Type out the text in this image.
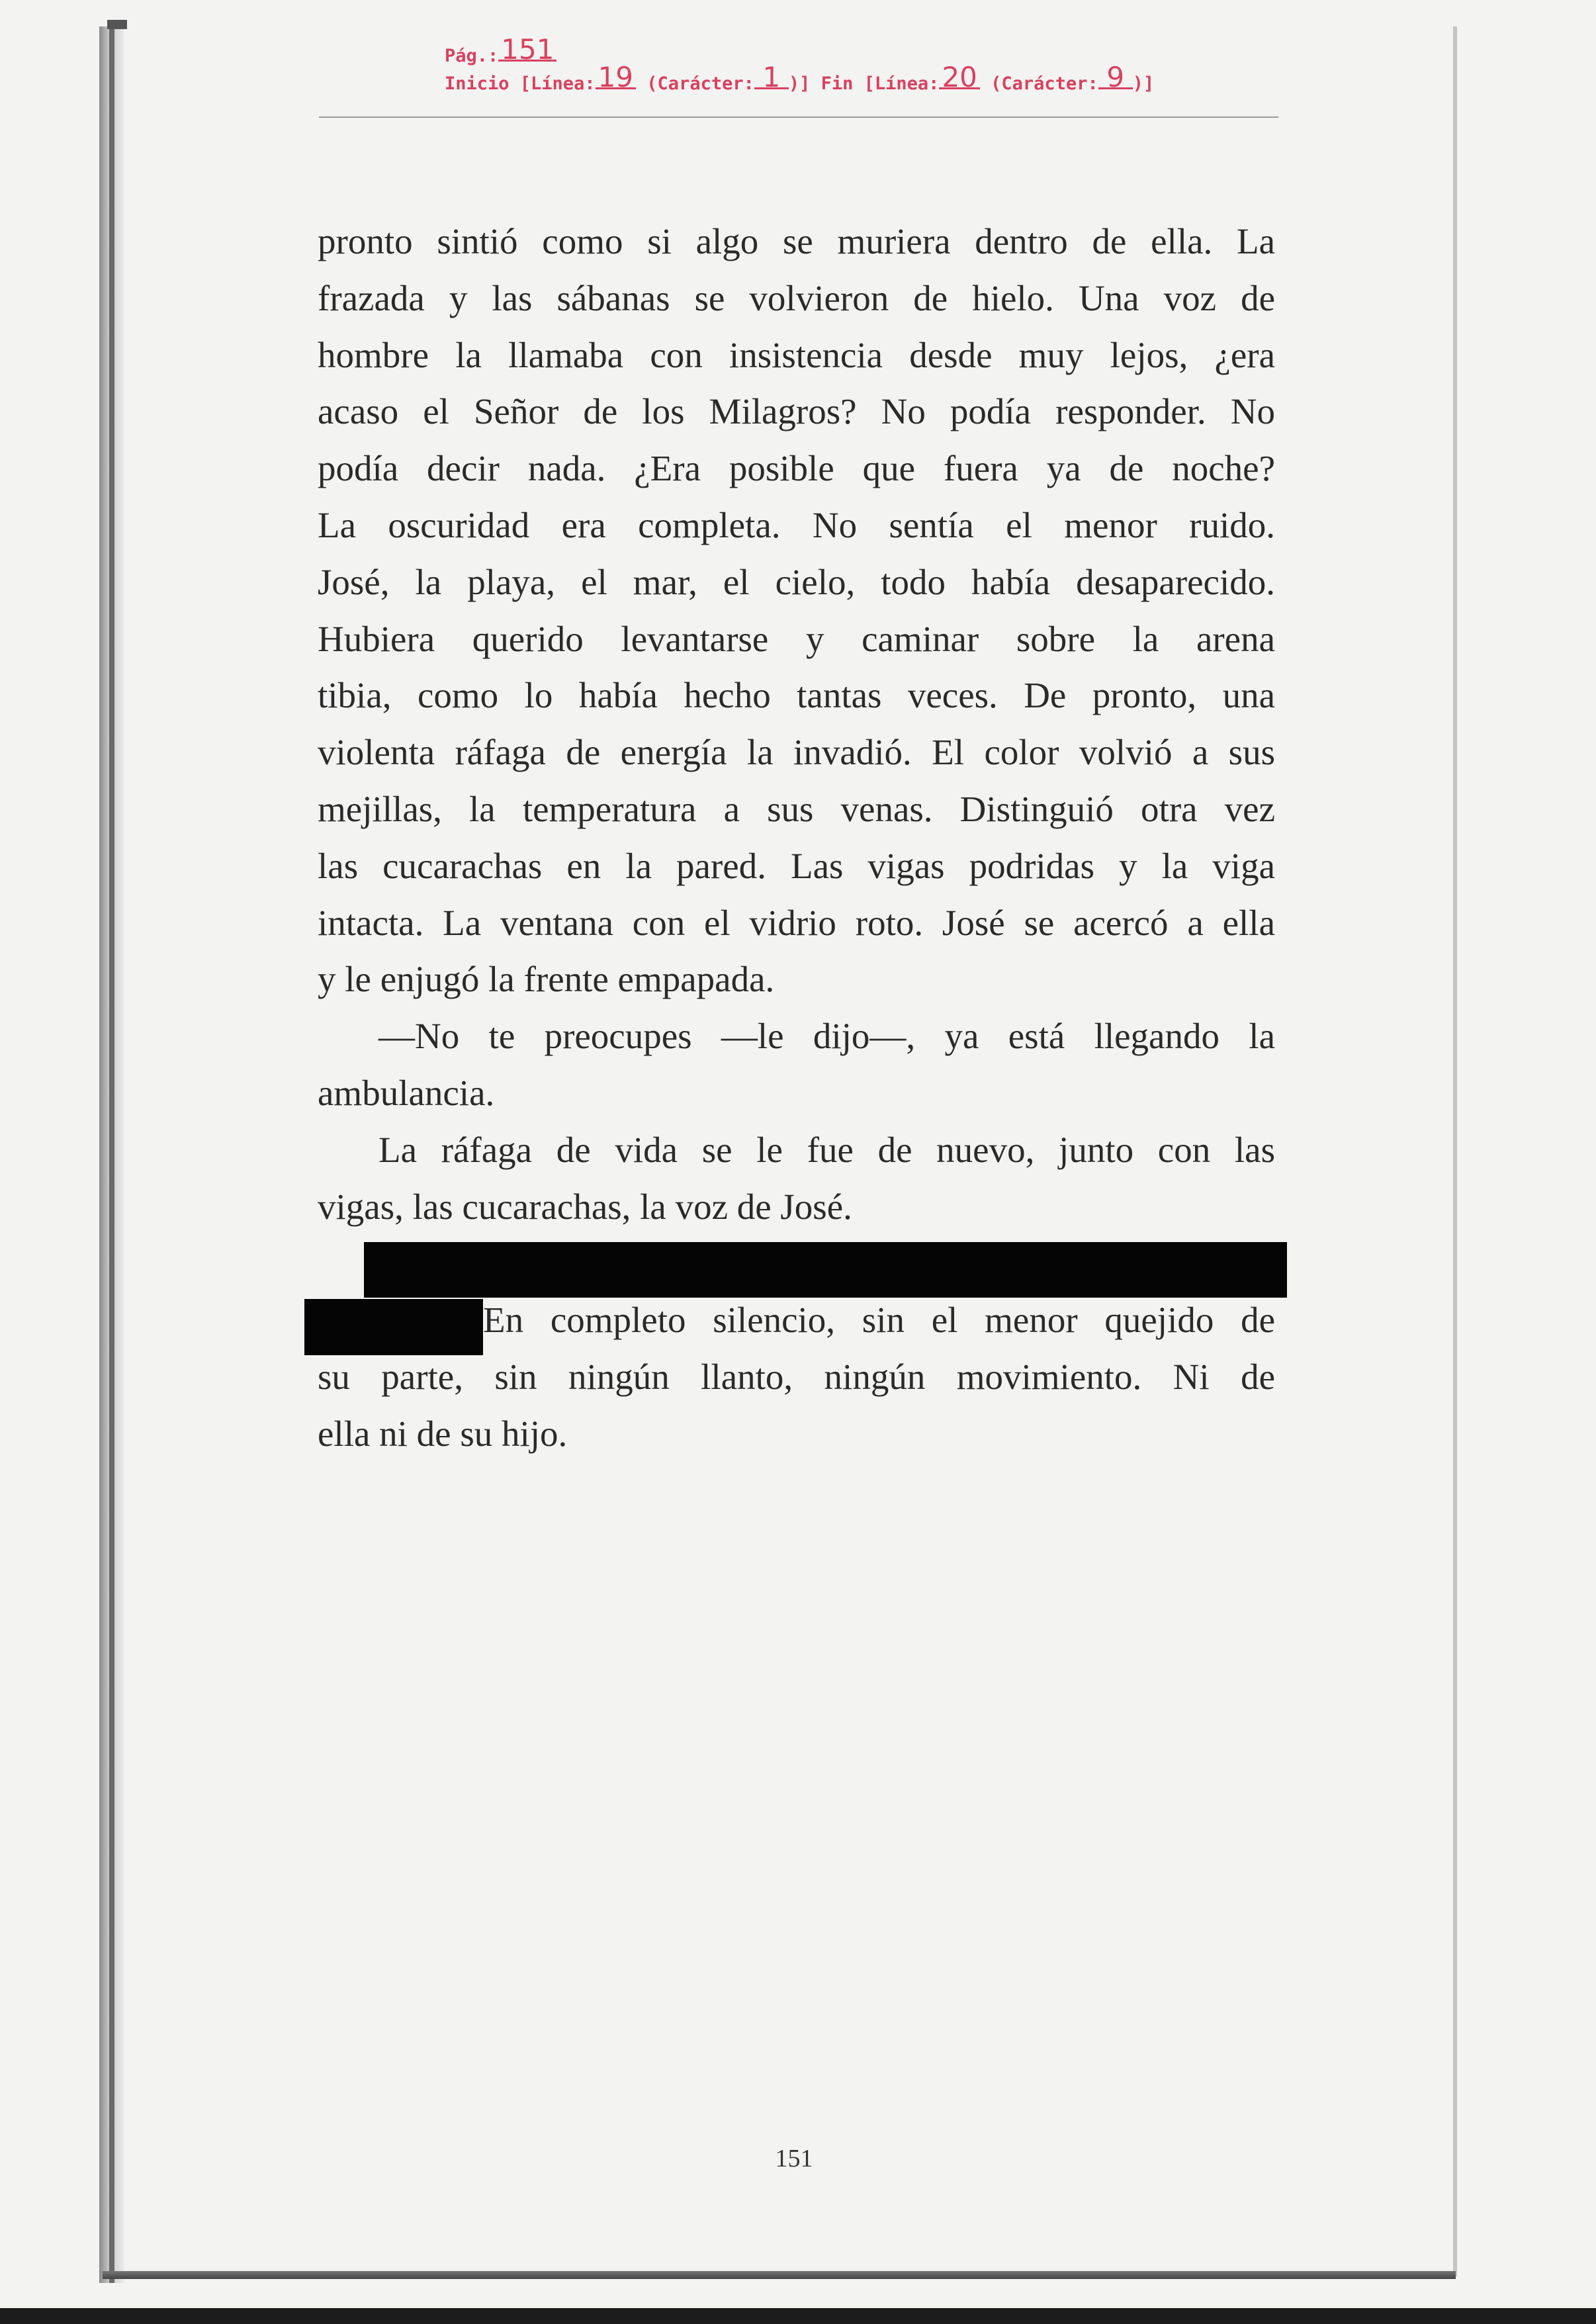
Pág.:151
Inicio [Línea:19 (Carácter: 1 )] Fin [Línea:20 (Carácter: 9 )]
pronto sintió como si algo se muriera dentro de ella. La
frazada y las sábanas se volvieron de hielo. Una voz de
hombre la llamaba con insistencia desde muy lejos, ¿era
acaso el Señor de los Milagros? No podía responder. No
podía decir nada. ¿Era posible que fuera ya de noche?
La oscuridad era completa. No sentía el menor ruido.
José, la playa, el mar, el cielo, todo había desaparecido.
Hubiera querido levantarse y caminar sobre la arena
tibia, como lo había hecho tantas veces. De pronto, una
violenta ráfaga de energía la invadió. El color volvió a sus
mejillas, la temperatura a sus venas. Distinguió otra vez
las cucarachas en la pared. Las vigas podridas y la viga
intacta. La ventana con el vidrio roto. José se acercó a ella
y le enjugó la frente empapada.
—No te preocupes —le dijo—, ya está llegando la
ambulancia.
La ráfaga de vida se le fue de nuevo, junto con las
vigas, las cucarachas, la voz de José.
En completo silencio, sin el menor quejido de
su parte, sin ningún llanto, ningún movimiento. Ni de
ella ni de su hijo.
151
